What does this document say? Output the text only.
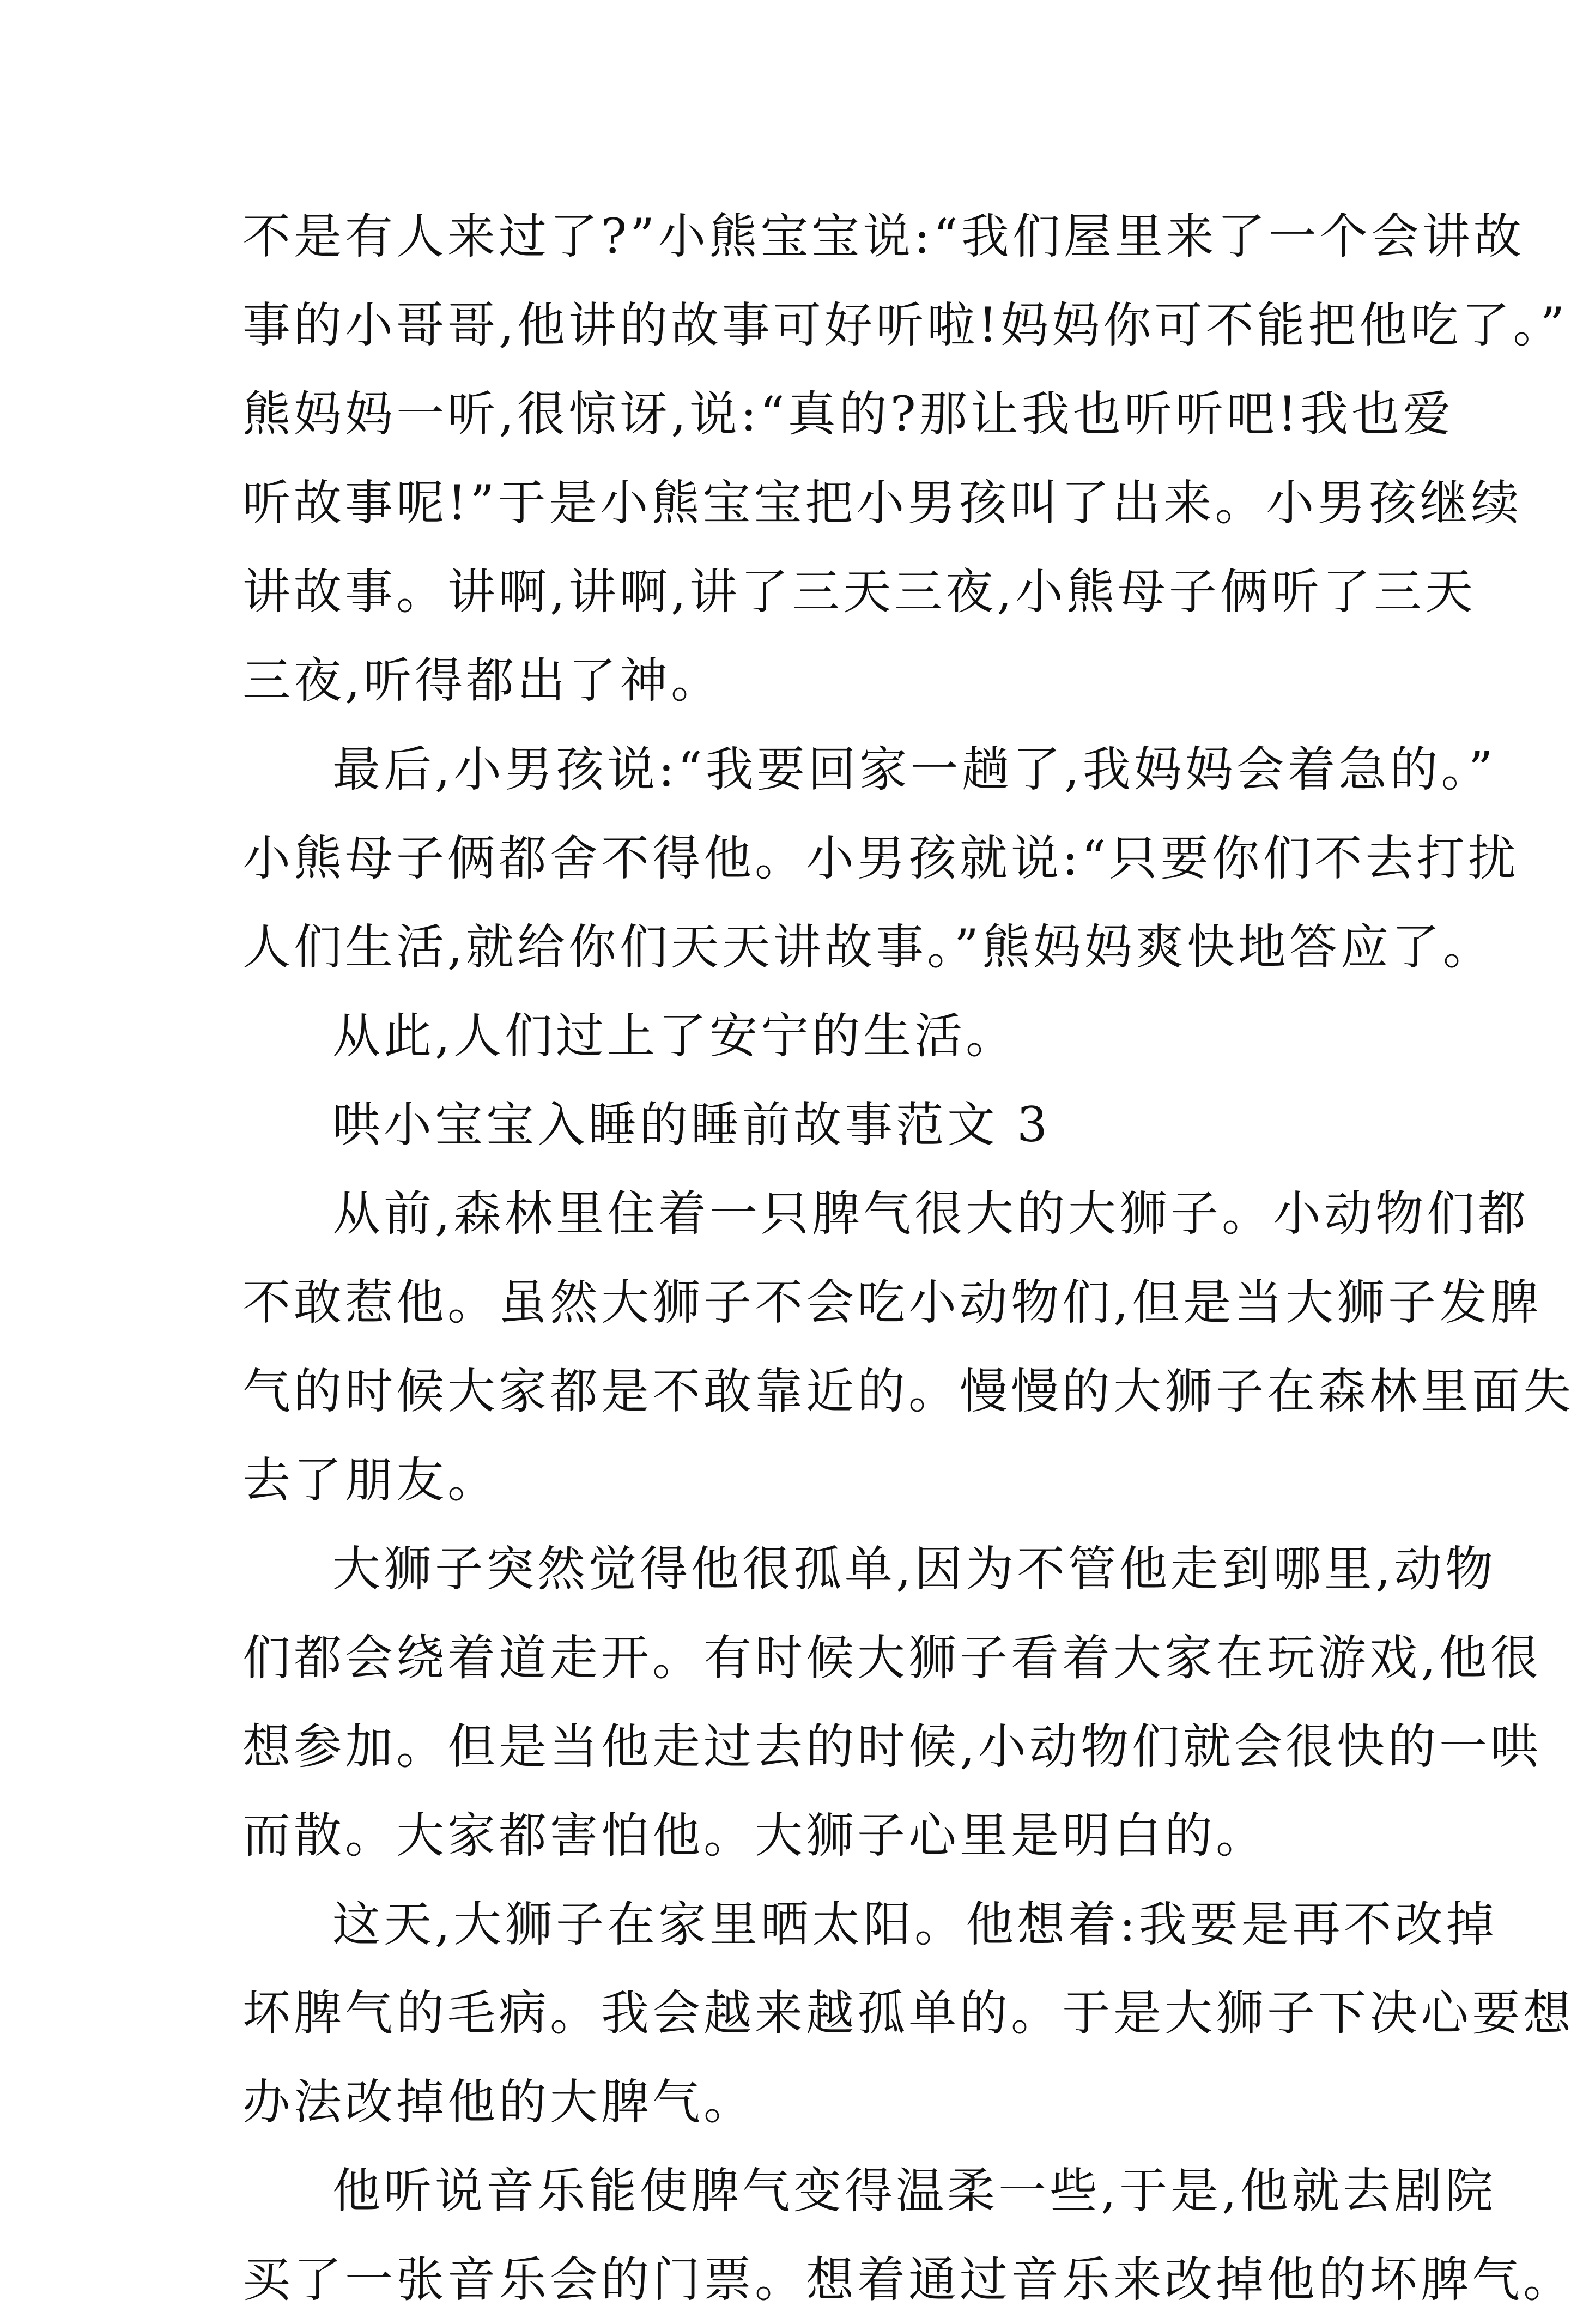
不是有人来过了?”小熊宝宝说:“我们屋里来了一个会讲故
事的小哥哥,他讲的故事可好听啦!妈妈你可不能把他吃了。”
熊妈妈一听,很惊讶,说:“真的?那让我也听听吧!我也爱
听故事呢!”于是小熊宝宝把小男孩叫了出来。小男孩继续
讲故事。讲啊,讲啊,讲了三天三夜,小熊母子俩听了三天
三夜,听得都出了神。
最后,小男孩说:“我要回家一趟了,我妈妈会着急的。”
小熊母子俩都舍不得他。小男孩就说:“只要你们不去打扰
人们生活,就给你们天天讲故事。”熊妈妈爽快地答应了。
从此,人们过上了安宁的生活。
哄小宝宝入睡的睡前故事范文 3
从前,森林里住着一只脾气很大的大狮子。小动物们都
不敢惹他。虽然大狮子不会吃小动物们,但是当大狮子发脾
气的时候大家都是不敢靠近的。慢慢的大狮子在森林里面失
去了朋友。
大狮子突然觉得他很孤单,因为不管他走到哪里,动物
们都会绕着道走开。有时候大狮子看着大家在玩游戏,他很
想参加。但是当他走过去的时候,小动物们就会很快的一哄
而散。大家都害怕他。大狮子心里是明白的。
这天,大狮子在家里晒太阳。他想着:我要是再不改掉
坏脾气的毛病。我会越来越孤单的。于是大狮子下决心要想
办法改掉他的大脾气。
他听说音乐能使脾气变得温柔一些,于是,他就去剧院
买了一张音乐会的门票。想着通过音乐来改掉他的坏脾气。
